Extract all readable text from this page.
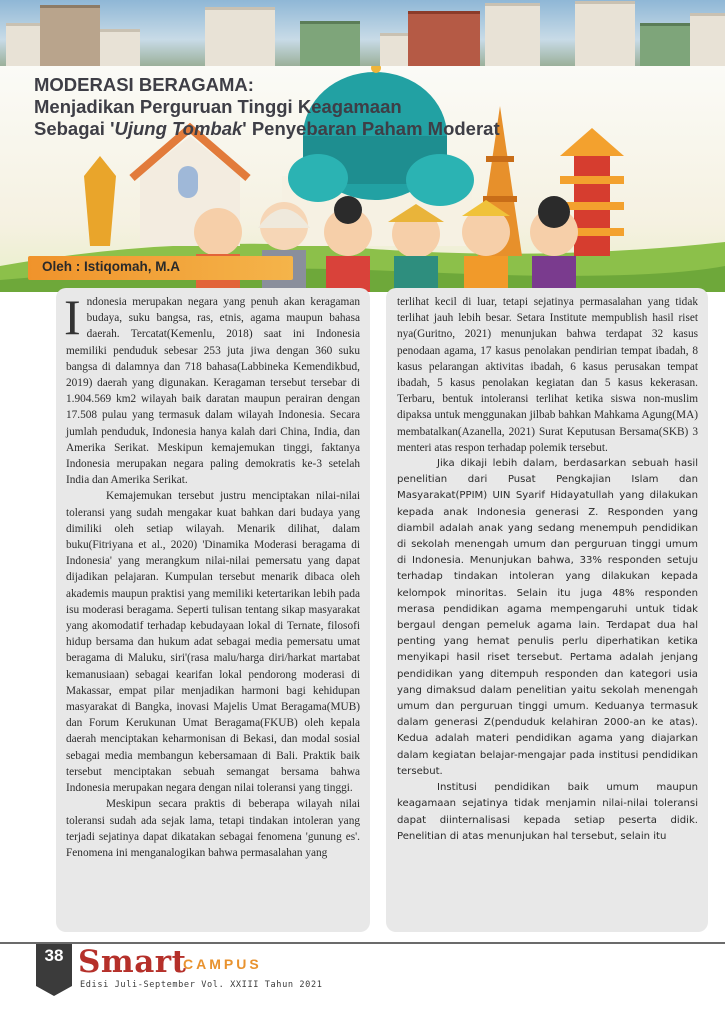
MODERASI BERAGAMA:
Menjadikan Perguruan Tinggi Keagamaan
Sebagai 'Ujung Tombak' Penyebaran Paham Moderat
Oleh : Istiqomah, M.A

Indonesia merupakan negara yang penuh akan keragaman budaya, suku bangsa, ras, etnis, agama maupun bahasa daerah. Tercatat(Kemenlu, 2018) saat ini Indonesia memiliki penduduk sebesar 253 juta jiwa dengan 360 suku bangsa di dalamnya dan 718 bahasa(Labbineka Kemendikbud, 2019) daerah yang digunakan. Keragaman tersebut tersebar di 1.904.569 km2 wilayah baik daratan maupun perairan dengan 17.508 pulau yang termasuk dalam wilayah Indonesia. Secara jumlah penduduk, Indonesia hanya kalah dari China, India, dan Amerika Serikat. Meskipun kemajemukan tinggi, faktanya Indonesia merupakan negara paling demokratis ke-3 setelah India dan Amerika Serikat.

Kemajemukan tersebut justru menciptakan nilai-nilai toleransi yang sudah mengakar kuat bahkan dari budaya yang dimiliki oleh setiap wilayah. Menarik dilihat, dalam buku(Fitriyana et al., 2020) 'Dinamika Moderasi beragama di Indonesia' yang merangkum nilai-nilai pemersatu yang dapat dijadikan pelajaran. Kumpulan tersebut menarik dibaca oleh akademis maupun praktisi yang memiliki ketertarikan lebih pada isu moderasi beragama. Seperti tulisan tentang sikap masyarakat yang akomodatif terhadap kebudayaan lokal di Ternate, filosofi hidup bersama dan hukum adat sebagai media pemersatu umat beragama di Maluku, siri'(rasa malu/harga diri/harkat martabat kemanusiaan) sebagai kearifan lokal pendorong moderasi di Makassar, empat pilar menjadikan harmoni bagi kehidupan masyarakat di Bangka, inovasi Majelis Umat Beragama(MUB) dan Forum Kerukunan Umat Beragama(FKUB) oleh kepala daerah menciptakan keharmonisan di Bekasi, dan modal sosial sebagai media membangun kebersamaan di Bali. Praktik baik tersebut menciptakan sebuah semangat bersama bahwa Indonesia merupakan negara dengan nilai toleransi yang tinggi.

Meskipun secara praktis di beberapa wilayah nilai toleransi sudah ada sejak lama, tetapi tindakan intoleran yang terjadi sejatinya dapat dikatakan sebagai fenomena 'gunung es'. Fenomena ini menganalogikan bahwa permasalahan yang

terlihat kecil di luar, tetapi sejatinya permasalahan yang tidak terlihat jauh lebih besar. Setara Institute mempublish hasil riset nya(Guritno, 2021) menunjukan bahwa terdapat 32 kasus penodaan agama, 17 kasus penolakan pendirian tempat ibadah, 8 kasus pelarangan aktivitas ibadah, 6 kasus perusakan tempat ibadah, 5 kasus penolakan kegiatan dan 5 kasus kekerasan. Terbaru, bentuk intoleransi terlihat ketika siswa non-muslim dipaksa untuk menggunakan jilbab bahkan Mahkama Agung(MA) membatalkan(Azanella, 2021) Surat Keputusan Bersama(SKB) 3 menteri atas respon terhadap polemik tersebut.

Jika dikaji lebih dalam, berdasarkan sebuah hasil penelitian dari Pusat Pengkajian Islam dan Masyarakat(PPIM) UIN Syarif Hidayatullah yang dilakukan kepada anak Indonesia generasi Z. Responden yang diambil adalah anak yang sedang menempuh pendidikan di sekolah menengah umum dan perguruan tinggi umum di Indonesia. Menunjukan bahwa, 33% responden setuju terhadap tindakan intoleran yang dilakukan kepada kelompok minoritas. Selain itu juga 48% responden merasa pendidikan agama mempengaruhi untuk tidak bergaul dengan pemeluk agama lain. Terdapat dua hal penting yang hemat penulis perlu diperhatikan ketika menyikapi hasil riset tersebut. Pertama adalah jenjang pendidikan yang ditempuh responden dan kategori usia yang dimaksud dalam penelitian yaitu sekolah menengah umum dan perguruan tinggi umum. Keduanya termasuk dalam generasi Z(penduduk kelahiran 2000-an ke atas). Kedua adalah materi pendidikan agama yang diajarkan dalam kegiatan belajar-mengajar pada institusi pendidikan tersebut.

Institusi pendidikan baik umum maupun keagamaan sejatinya tidak menjamin nilai-nilai toleransi dapat diinternalisasi kepada setiap peserta didik. Penelitian di atas menunjukan hal tersebut, selain itu

38 Smart
CAMPUS
Edisi Juli-September Vol. XXIII Tahun 2021
